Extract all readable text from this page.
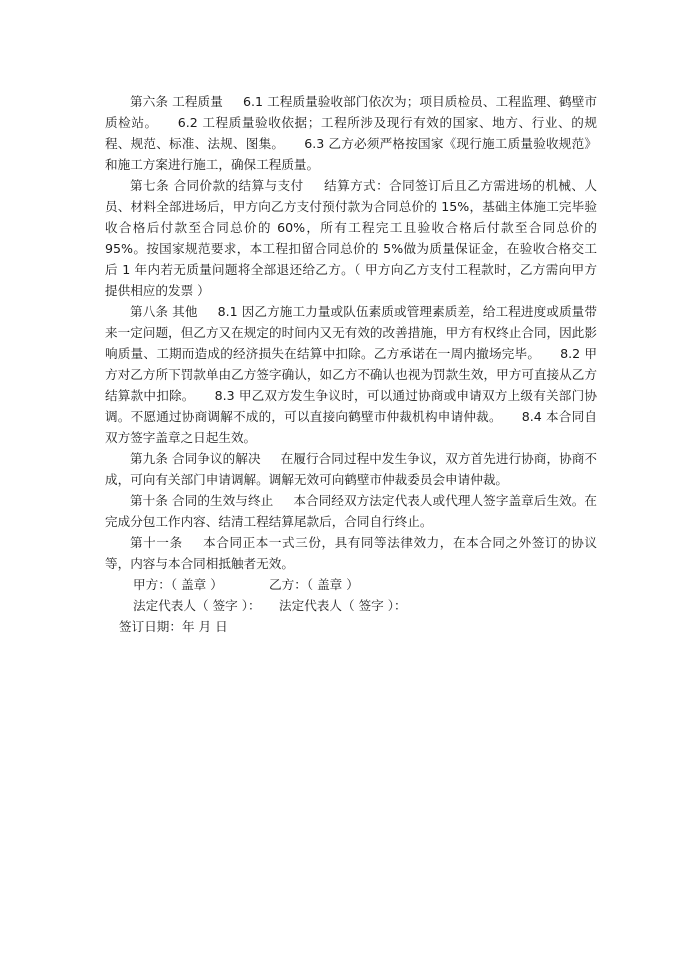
第六条 工程质量 6.1 工程质量验收部门依次为；项目质检员、工程监理、鹤壁市质检站。 6.2 工程质量验收依据；工程所涉及现行有效的国家、地方、行业、的规程、规范、标准、法规、图集。 6.3 乙方必须严格按国家《现行施工质量验收规范》和施工方案进行施工，确保工程质量。

第七条 合同价款的结算与支付 结算方式：合同签订后且乙方需进场的机械、人员、材料全部进场后，甲方向乙方支付预付款为合同总价的 15%，基础主体施工完毕验收合格后付款至合同总价的 60%，所有工程完工且验收合格后付款至合同总价的 95%。按国家规范要求，本工程扣留合同总价的 5%做为质量保证金，在验收合格交工后 1 年内若无质量问题将全部退还给乙方。（ 甲方向乙方支付工程款时，乙方需向甲方提供相应的发票 ）

第八条 其他 8.1 因乙方施工力量或队伍素质或管理素质差，给工程进度或质量带来一定问题，但乙方又在规定的时间内又无有效的改善措施，甲方有权终止合同，因此影响质量、工期而造成的经济损失在结算中扣除。乙方承诺在一周内撤场完毕。 8.2 甲方对乙方所下罚款单由乙方签字确认，如乙方不确认也视为罚款生效，甲方可直接从乙方结算款中扣除。 8.3 甲乙双方发生争议时，可以通过协商或申请双方上级有关部门协调。不愿通过协商调解不成的，可以直接向鹤壁市仲裁机构申请仲裁。 8.4 本合同自双方签字盖章之日起生效。

第九条 合同争议的解决 在履行合同过程中发生争议，双方首先进行协商，协商不成，可向有关部门申请调解。调解无效可向鹤壁市仲裁委员会申请仲裁。

第十条 合同的生效与终止 本合同经双方法定代表人或代理人签字盖章后生效。在完成分包工作内容、结清工程结算尾款后，合同自行终止。

第十一条 本合同正本一式三份，具有同等法律效力，在本合同之外签订的协议等，内容与本合同相抵触者无效。

甲方：（ 盖章 ）	乙方：（ 盖章 ）

法定代表人（ 签字 ）： 法定代表人（ 签字 ）：

签订日期：年 月 日
